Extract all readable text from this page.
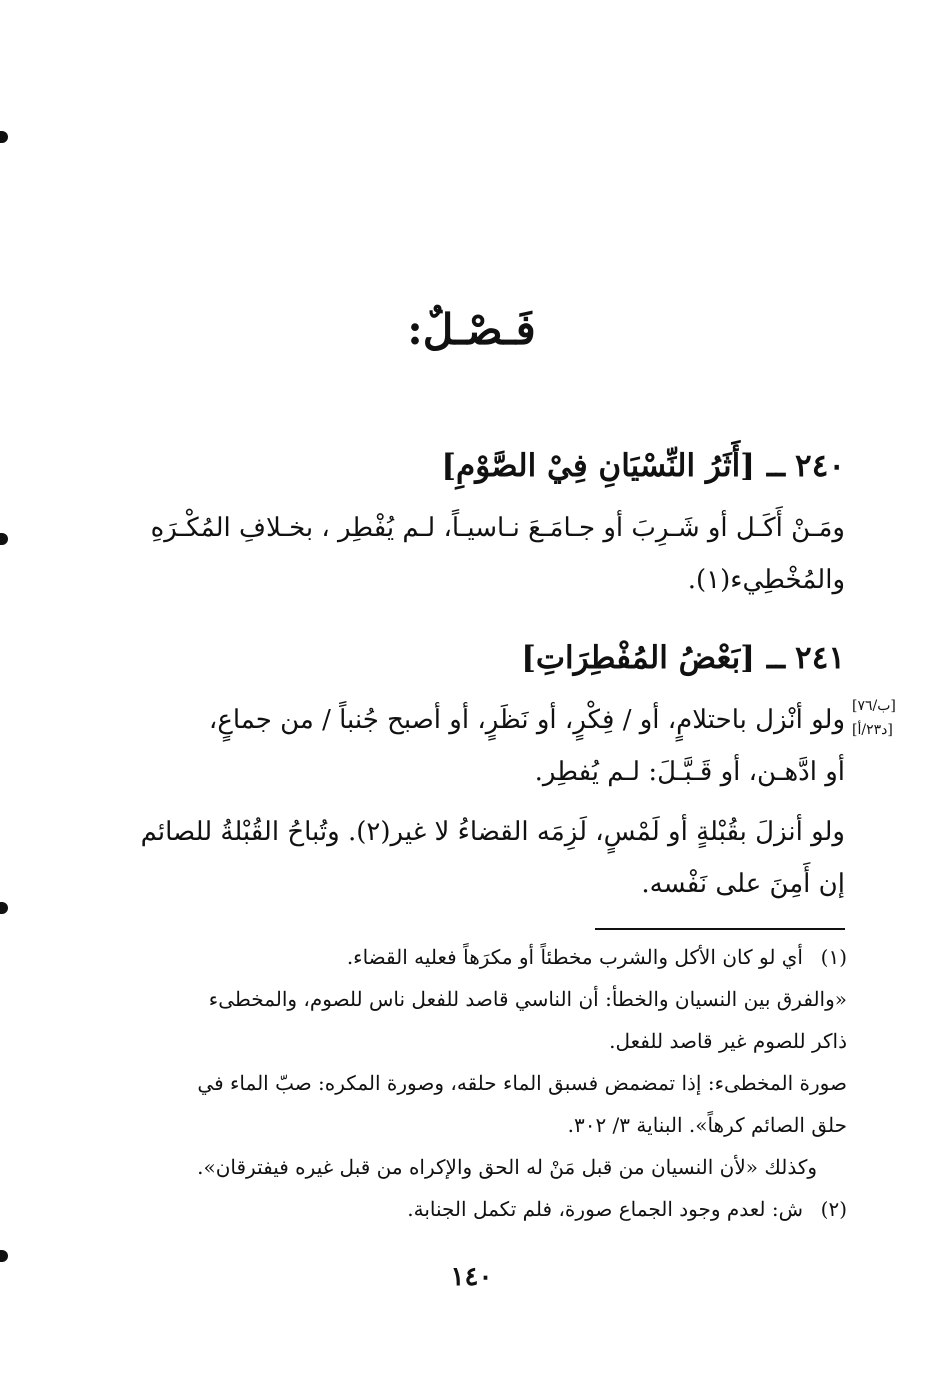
فَـصْـلٌ:
٢٤٠ــ[أَثَرُ النِّسْيَانِ فِيْ الصَّوْمِ]
ومَـنْ أَكَـل أو شَـرِبَ أو جـامَـعَ نـاسيـاً، لـم يُفْطِر ، بخـلافِ المُكْـرَهِ
والمُخْطِيء(١).
٢٤١ــ[بَعْضُ المُفْطِرَاتِ]
[ب/٧٦]
[د٢٣/أ]
ولو أنْزل باحتلامٍ، أو / فِكْرٍ، أو نَظَرٍ، أو أصبح جُنباً / من جماعٍ،
أو ادَّهـن، أو قَـبَّـلَ: لـم يُفطِر.
ولو أنزلَ بقُبْلةٍ أو لَمْسٍ، لَزِمَه القضاءُ لا غير(٢). وتُباحُ القُبْلةُ للصائم
إن أَمِنَ على نَفْسه.
(١)أي لو كان الأكل والشرب مخطئاً أو مكرَهاً فعليه القضاء.
«والفرق بين النسيان والخطأ: أن الناسي قاصد للفعل ناس للصوم، والمخطىء
ذاكر للصوم غير قاصد للفعل.
صورة المخطىء: إذا تمضمض فسبق الماء حلقه، وصورة المكره: صبّ الماء في
حلق الصائم كرهاً». البناية ٣/ ٣٠٢.
وكذلك «لأن النسيان من قبل مَنْ له الحق والإكراه من قبل غيره فيفترقان».
(٢)ش: لعدم وجود الجماع صورة، فلم تكمل الجنابة.
١٤٠
